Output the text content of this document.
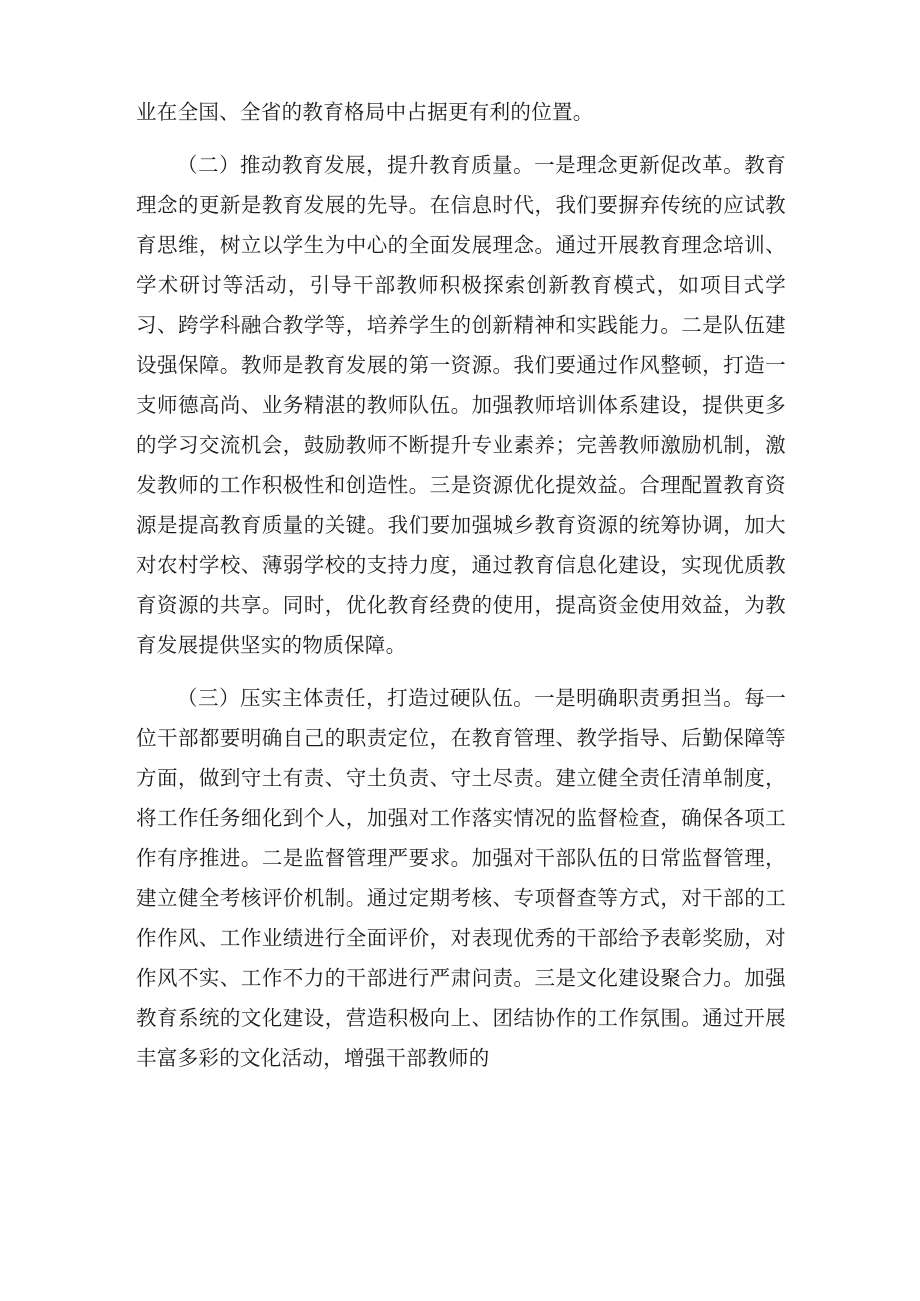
业在全国、全省的教育格局中占据更有利的位置。

（二）推动教育发展，提升教育质量。一是理念更新促改革。教育理念的更新是教育发展的先导。在信息时代，我们要摒弃传统的应试教育思维，树立以学生为中心的全面发展理念。通过开展教育理念培训、学术研讨等活动，引导干部教师积极探索创新教育模式，如项目式学习、跨学科融合教学等，培养学生的创新精神和实践能力。二是队伍建设强保障。教师是教育发展的第一资源。我们要通过作风整顿，打造一支师德高尚、业务精湛的教师队伍。加强教师培训体系建设，提供更多的学习交流机会，鼓励教师不断提升专业素养；完善教师激励机制，激发教师的工作积极性和创造性。三是资源优化提效益。合理配置教育资源是提高教育质量的关键。我们要加强城乡教育资源的统筹协调，加大对农村学校、薄弱学校的支持力度，通过教育信息化建设，实现优质教育资源的共享。同时，优化教育经费的使用，提高资金使用效益，为教育发展提供坚实的物质保障。

（三）压实主体责任，打造过硬队伍。一是明确职责勇担当。每一位干部都要明确自己的职责定位，在教育管理、教学指导、后勤保障等方面，做到守土有责、守土负责、守土尽责。建立健全责任清单制度，将工作任务细化到个人，加强对工作落实情况的监督检查，确保各项工作有序推进。二是监督管理严要求。加强对干部队伍的日常监督管理，建立健全考核评价机制。通过定期考核、专项督查等方式，对干部的工作作风、工作业绩进行全面评价，对表现优秀的干部给予表彰奖励，对作风不实、工作不力的干部进行严肃问责。三是文化建设聚合力。加强教育系统的文化建设，营造积极向上、团结协作的工作氛围。通过开展丰富多彩的文化活动，增强干部教师的
